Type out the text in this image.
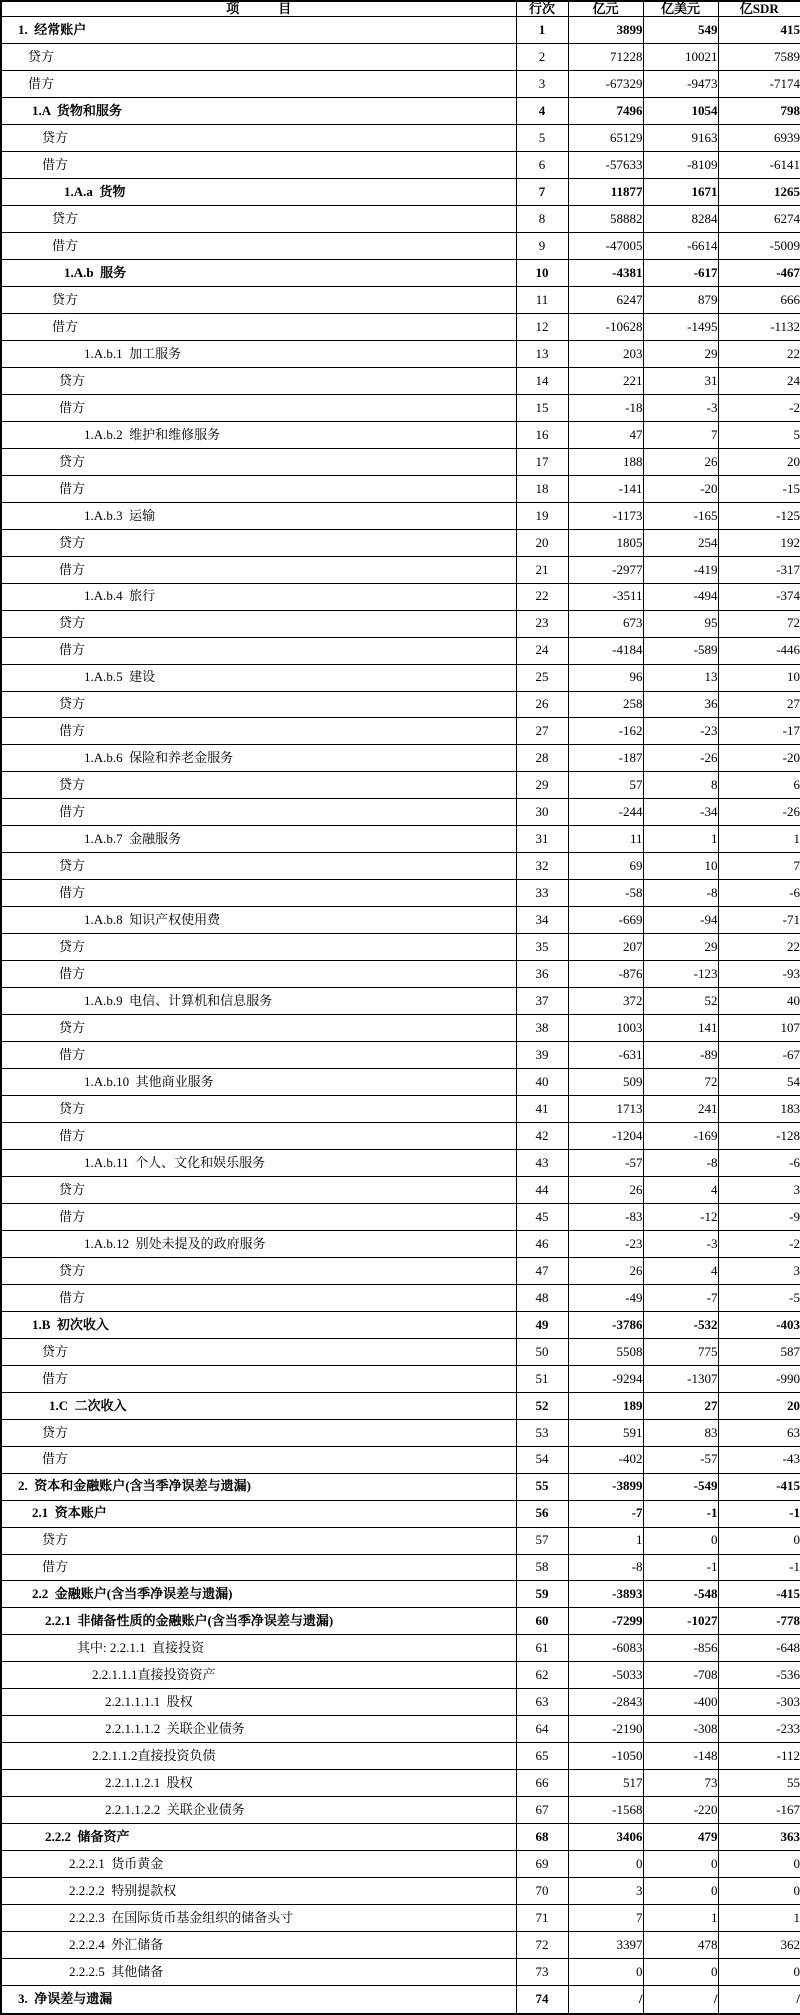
项　　　目	行次	亿元	亿美元	亿SDR
1.  经常账户	1	3899	549	415
贷方	2	71228	10021	7589
借方	3	-67329	-9473	-7174
1.A  货物和服务	4	7496	1054	798
贷方	5	65129	9163	6939
借方	6	-57633	-8109	-6141
1.A.a  货物	7	11877	1671	1265
贷方	8	58882	8284	6274
借方	9	-47005	-6614	-5009
1.A.b  服务	10	-4381	-617	-467
贷方	11	6247	879	666
借方	12	-10628	-1495	-1132
1.A.b.1  加工服务	13	203	29	22
贷方	14	221	31	24
借方	15	-18	-3	-2
1.A.b.2  维护和维修服务	16	47	7	5
贷方	17	188	26	20
借方	18	-141	-20	-15
1.A.b.3  运输	19	-1173	-165	-125
贷方	20	1805	254	192
借方	21	-2977	-419	-317
1.A.b.4  旅行	22	-3511	-494	-374
贷方	23	673	95	72
借方	24	-4184	-589	-446
1.A.b.5  建设	25	96	13	10
贷方	26	258	36	27
借方	27	-162	-23	-17
1.A.b.6  保险和养老金服务	28	-187	-26	-20
贷方	29	57	8	6
借方	30	-244	-34	-26
1.A.b.7  金融服务	31	11	1	1
贷方	32	69	10	7
借方	33	-58	-8	-6
1.A.b.8  知识产权使用费	34	-669	-94	-71
贷方	35	207	29	22
借方	36	-876	-123	-93
1.A.b.9  电信、计算机和信息服务	37	372	52	40
贷方	38	1003	141	107
借方	39	-631	-89	-67
1.A.b.10  其他商业服务	40	509	72	54
贷方	41	1713	241	183
借方	42	-1204	-169	-128
1.A.b.11  个人、文化和娱乐服务	43	-57	-8	-6
贷方	44	26	4	3
借方	45	-83	-12	-9
1.A.b.12  别处未提及的政府服务	46	-23	-3	-2
贷方	47	26	4	3
借方	48	-49	-7	-5
1.B  初次收入	49	-3786	-532	-403
贷方	50	5508	775	587
借方	51	-9294	-1307	-990
1.C  二次收入	52	189	27	20
贷方	53	591	83	63
借方	54	-402	-57	-43
2.  资本和金融账户(含当季净误差与遗漏)	55	-3899	-549	-415
2.1  资本账户	56	-7	-1	-1
贷方	57	1	0	0
借方	58	-8	-1	-1
2.2  金融账户(含当季净误差与遗漏)	59	-3893	-548	-415
2.2.1  非储备性质的金融账户(含当季净误差与遗漏)	60	-7299	-1027	-778
其中: 2.2.1.1  直接投资	61	-6083	-856	-648
2.2.1.1.1直接投资资产	62	-5033	-708	-536
2.2.1.1.1.1  股权	63	-2843	-400	-303
2.2.1.1.1.2  关联企业债务	64	-2190	-308	-233
2.2.1.1.2直接投资负债	65	-1050	-148	-112
2.2.1.1.2.1  股权	66	517	73	55
2.2.1.1.2.2  关联企业债务	67	-1568	-220	-167
2.2.2  储备资产	68	3406	479	363
2.2.2.1  货币黄金	69	0	0	0
2.2.2.2  特别提款权	70	3	0	0
2.2.2.3  在国际货币基金组织的储备头寸	71	7	1	1
2.2.2.4  外汇储备	72	3397	478	362
2.2.2.5  其他储备	73	0	0	0
3.  净误差与遗漏	74	/	/	/
